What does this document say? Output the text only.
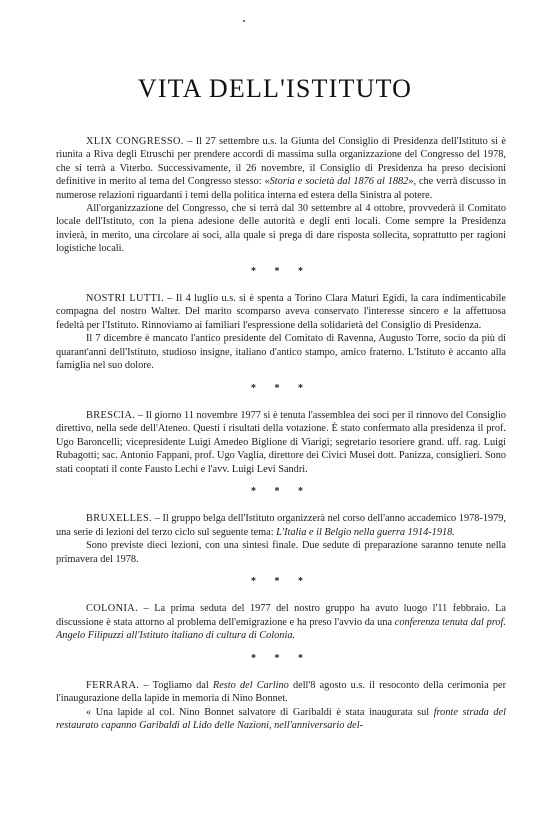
VITA DELL'ISTITUTO

XLIX CONGRESSO. – Il 27 settembre u.s. la Giunta del Consiglio di Presidenza dell'Istituto si è riunita a Riva degli Etruschi per prendere accordi di massima sulla organizzazione del Congresso del 1978, che si terrà a Viterbo. Successivamente, il 26 novembre, il Consiglio di Presidenza ha preso decisioni definitive in merito al tema del Congresso stesso: «Storia e società dal 1876 al 1882», che verrà discusso in numerose relazioni riguardanti i temi della politica interna ed estera della Sinistra al potere.

All'organizzazione del Congresso, che si terrà dal 30 settembre al 4 ottobre, provvederà il Comitato locale dell'Istituto, con la piena adesione delle autorità e degli enti locali. Come sempre la Presidenza invierà, in merito, una circolare ai soci, alla quale si prega di dare risposta sollecita, soprattutto per ragioni logistiche locali.

* * *

NOSTRI LUTTI. – Il 4 luglio u.s. si è spenta a Torino Clara Maturi Egidi, la cara indimenticabile compagna del nostro Walter. Del marito scomparso aveva conservato l'interesse sincero e la affettuosa fedeltà per l'Istituto. Rinnoviamo ai familiari l'espressione della solidarietà del Consiglio di Presidenza.

Il 7 dicembre è mancato l'antico presidente del Comitato di Ravenna, Augusto Torre, socio da più di quarant'anni dell'Istituto, studioso insigne, italiano d'antico stampo, amico fraterno. L'Istituto è accanto alla famiglia nel suo dolore.

* * *

BRESCIA. – Il giorno 11 novembre 1977 si è tenuta l'assemblea dei soci per il rinnovo del Consiglio direttivo, nella sede dell'Ateneo. Questi i risultati della votazione. È stato confermato alla presidenza il prof. Ugo Baroncelli; vicepresidente Luigi Amedeo Biglione di Viarigi; segretario tesoriere grand. uff. rag. Luigi Rubagotti; sac. Antonio Fappani, prof. Ugo Vaglia, direttore dei Civici Musei dott. Panizza, consiglieri. Sono stati cooptati il conte Fausto Lechi e l'avv. Luigi Levi Sandri.

* * *

BRUXELLES. – Il gruppo belga dell'Istituto organizzerà nel corso dell'anno accademico 1978-1979, una serie di lezioni del terzo ciclo sul seguente tema: L'Italia e il Belgio nella guerra 1914-1918.

Sono previste dieci lezioni, con una sintesi finale. Due sedute di preparazione saranno tenute nella primavera del 1978.

* * *

COLONIA. – La prima seduta del 1977 del nostro gruppo ha avuto luogo l'11 febbraio. La discussione è stata attorno al problema dell'emigrazione e ha preso l'avvio da una conferenza tenuta dal prof. Angelo Filipuzzi all'Istituto italiano di cultura di Colonia.

* * *

FERRARA. – Togliamo dal Resto del Carlino dell'8 agosto u.s. il resoconto della cerimonia per l'inaugurazione della lapide in memoria di Nino Bonnet.

« Una lapide al col. Nino Bonnet salvatore di Garibaldi è stata inaugurata sul fronte strada del restaurato capanno Garibaldi al Lido delle Nazioni, nell'anniversario del-
